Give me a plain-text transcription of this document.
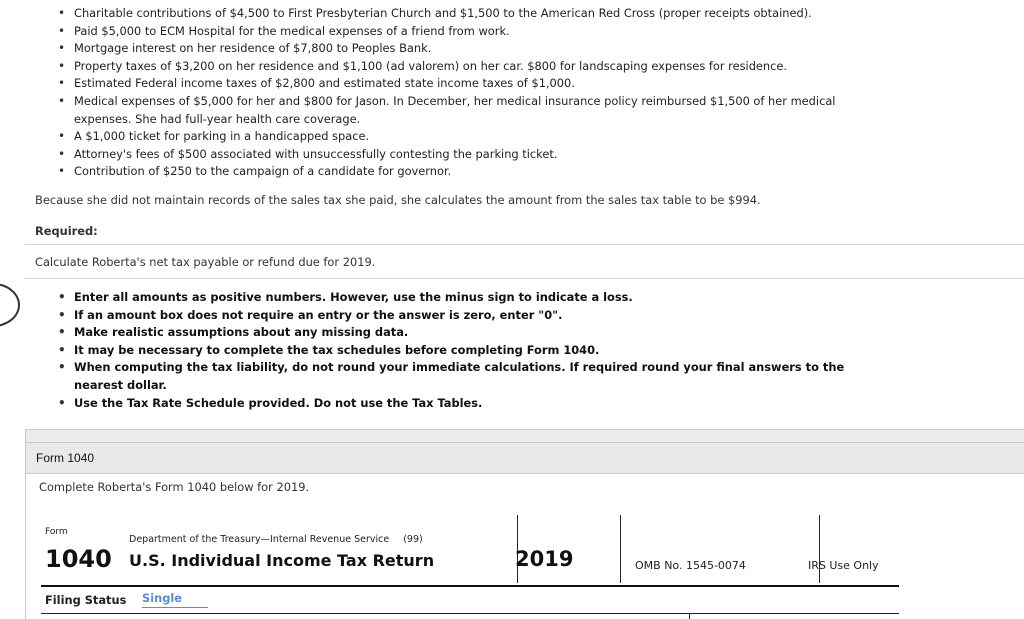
• Charitable contributions of $4,500 to First Presbyterian Church and $1,500 to the American Red Cross (proper receipts obtained).
• Paid $5,000 to ECM Hospital for the medical expenses of a friend from work.
• Mortgage interest on her residence of $7,800 to Peoples Bank.
• Property taxes of $3,200 on her residence and $1,100 (ad valorem) on her car. $800 for landscaping expenses for residence.
• Estimated Federal income taxes of $2,800 and estimated state income taxes of $1,000.
• Medical expenses of $5,000 for her and $800 for Jason. In December, her medical insurance policy reimbursed $1,500 of her medical expenses. She had full-year health care coverage.
• A $1,000 ticket for parking in a handicapped space.
• Attorney's fees of $500 associated with unsuccessfully contesting the parking ticket.
• Contribution of $250 to the campaign of a candidate for governor.

Because she did not maintain records of the sales tax she paid, she calculates the amount from the sales tax table to be $994.

Required:

Calculate Roberta's net tax payable or refund due for 2019.

• Enter all amounts as positive numbers. However, use the minus sign to indicate a loss.
• If an amount box does not require an entry or the answer is zero, enter "0".
• Make realistic assumptions about any missing data.
• It may be necessary to complete the tax schedules before completing Form 1040.
• When computing the tax liability, do not round your immediate calculations. If required round your final answers to the nearest dollar.
• Use the Tax Rate Schedule provided. Do not use the Tax Tables.
Form 1040
Complete Roberta's Form 1040 below for 2019.
Form
Department of the Treasury—Internal Revenue Service (99)
1040 U.S. Individual Income Tax Return	2019	OMB No. 1545-0074	IRS Use Only
Filing Status Single
